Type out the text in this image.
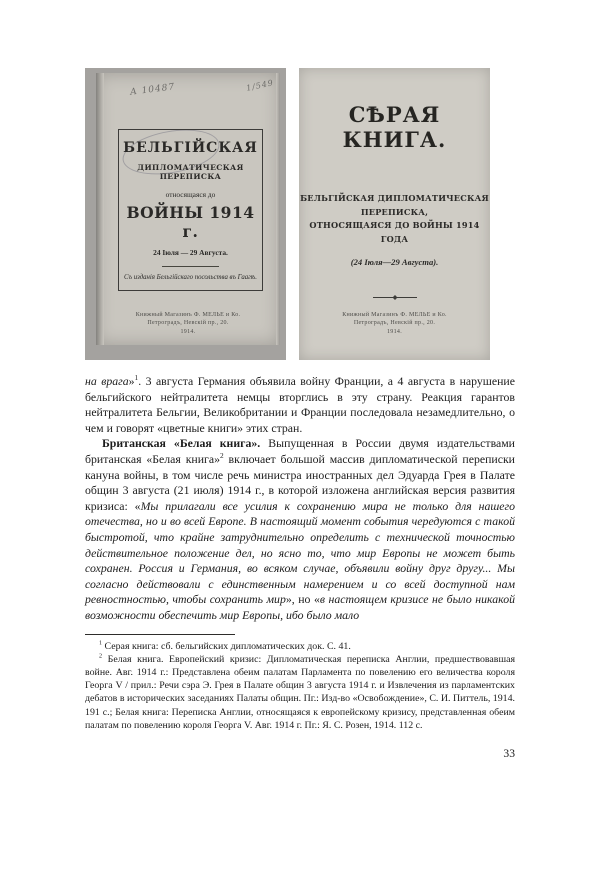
А 10487	1/549
БЕЛЬГІЙСКАЯ
ДИПЛОМАТИЧЕСКАЯ ПЕРЕПИСКА
относящаяся до
ВОЙНЫ 1914 г.
24 Іюля — 29 Августа.
Съ изданія Бельгійскаго посольства въ Гаагѣ.
Книжный Магазинъ Ф. МЕЛЬЕ и Ко.
Петроградъ, Невскій пр., 20.
1914.
СѢРАЯ КНИГА.
БЕЛЬГІЙСКАЯ ДИПЛОМАТИЧЕСКАЯ ПЕРЕПИСКА,
ОТНОСЯЩАЯСЯ ДО ВОЙНЫ 1914 ГОДА
(24 Іюля—29 Августа).
Книжный Магазинъ Ф. МЕЛЬЕ и Ко.
Петроградъ, Невскій пр., 20.
1914.

на врага»$^1$. 3 августа Германия объявила войну Франции, а 4 августа в нарушение бельгийского нейтралитета немцы вторглись в эту страну. Реакция гарантов нейтралитета Бельгии, Великобритании и Франции последовала незамедлительно, о чем и говорят «цветные книги» этих стран.

Британская «Белая книга». Выпущенная в России двумя издательствами британская «Белая книга»$^2$ включает большой массив дипломатической переписки кануна войны, в том числе речь министра иностранных дел Эдуарда Грея в Палате общин 3 августа (21 июля) 1914 г., в которой изложена английская версия развития кризиса: «Мы прилагали все усилия к сохранению мира не только для нашего отечества, но и во всей Европе. В настоящий момент события чередуются с такой быстротой, что крайне затруднительно определить с технической точностью действительное положение дел, но ясно то, что мир Европы не может быть сохранен. Россия и Германия, во всяком случае, объявили войну друг другу... Мы согласно действовали с единственным намерением и со всей доступной нам ревностностью, чтобы сохранить мир», но «в настоящем кризисе не было никакой возможности обеспечить мир Европы, ибо было мало

$^1$ Серая книга: сб. бельгийских дипломатических док. С. 41.

$^2$ Белая книга. Европейский кризис: Дипломатическая переписка Англии, предшествовавшая войне. Авг. 1914 г.: Представлена обеим палатам Парламента по повелению его величества короля Георга V / прил.: Речи сэра Э. Грея в Палате общин 3 августа 1914 г. и Извлечения из парламентских дебатов в исторических заседаниях Палаты общин. Пг.: Изд-во «Освобождение», С. И. Питтель, 1914. 191 с.; Белая книга: Переписка Англии, относящаяся к европейскому кризису, представленная обеим палатам по повелению короля Георга V. Авг. 1914 г. Пг.: Я. С. Розен, 1914. 112 с.

33
